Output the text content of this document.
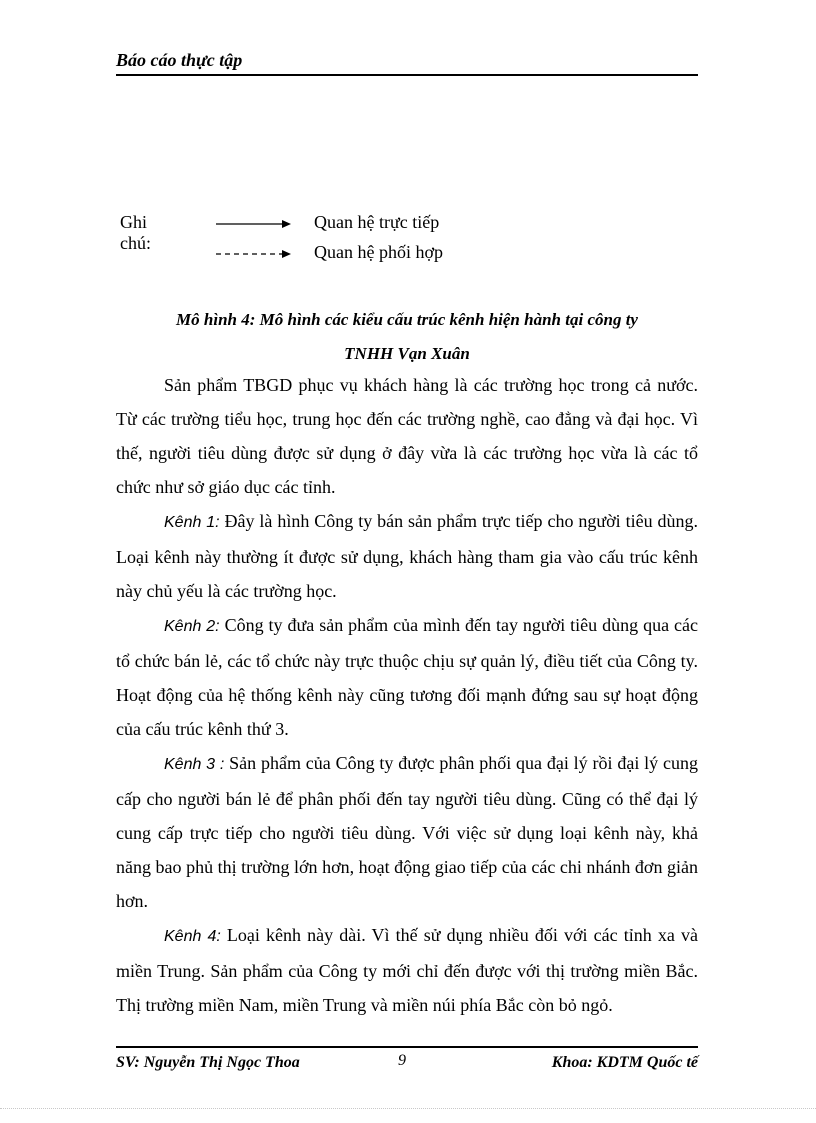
Báo cáo thực tập
Ghi chú:
Quan hệ trực tiếp
Quan hệ phối hợp
Mô hình 4: Mô hình các kiểu cấu trúc kênh hiện hành tại công ty
TNHH Vạn Xuân

Sản phẩm TBGD phục vụ khách hàng là các trường học trong cả nước. Từ các trường tiểu học, trung học đến các trường nghề, cao đẳng và đại học. Vì thế, người tiêu dùng được sử dụng ở đây vừa là các trường học vừa là các tổ chức như sở giáo dục các tỉnh.

Kênh 1: Đây là hình Công ty bán sản phẩm trực tiếp cho người tiêu dùng. Loại kênh này thường ít được sử dụng, khách hàng tham gia vào cấu trúc kênh này chủ yếu là các trường học.

Kênh 2: Công ty đưa sản phẩm của mình đến tay người tiêu dùng qua các tổ chức bán lẻ, các tổ chức này trực thuộc chịu sự quản lý, điều tiết của Công ty. Hoạt động của hệ thống kênh này cũng tương đối mạnh đứng sau sự hoạt động của cấu trúc kênh thứ 3.

Kênh 3 : Sản phẩm của Công ty được phân phối qua đại lý rồi đại lý cung cấp cho người bán lẻ để phân phối đến tay người tiêu dùng. Cũng có thể đại lý cung cấp trực tiếp cho người tiêu dùng. Với việc sử dụng loại kênh này, khả năng bao phủ thị trường lớn hơn, hoạt động giao tiếp của các chi nhánh đơn giản hơn.

Kênh 4: Loại kênh này dài. Vì thế sử dụng nhiều đối với các tỉnh xa và miền Trung. Sản phẩm của Công ty mới chỉ đến được với thị trường miền Bắc. Thị trường miền Nam, miền Trung và miền núi phía Bắc còn bỏ ngỏ.

SV: Nguyễn Thị Ngọc Thoa	9	Khoa: KDTM Quốc tế
